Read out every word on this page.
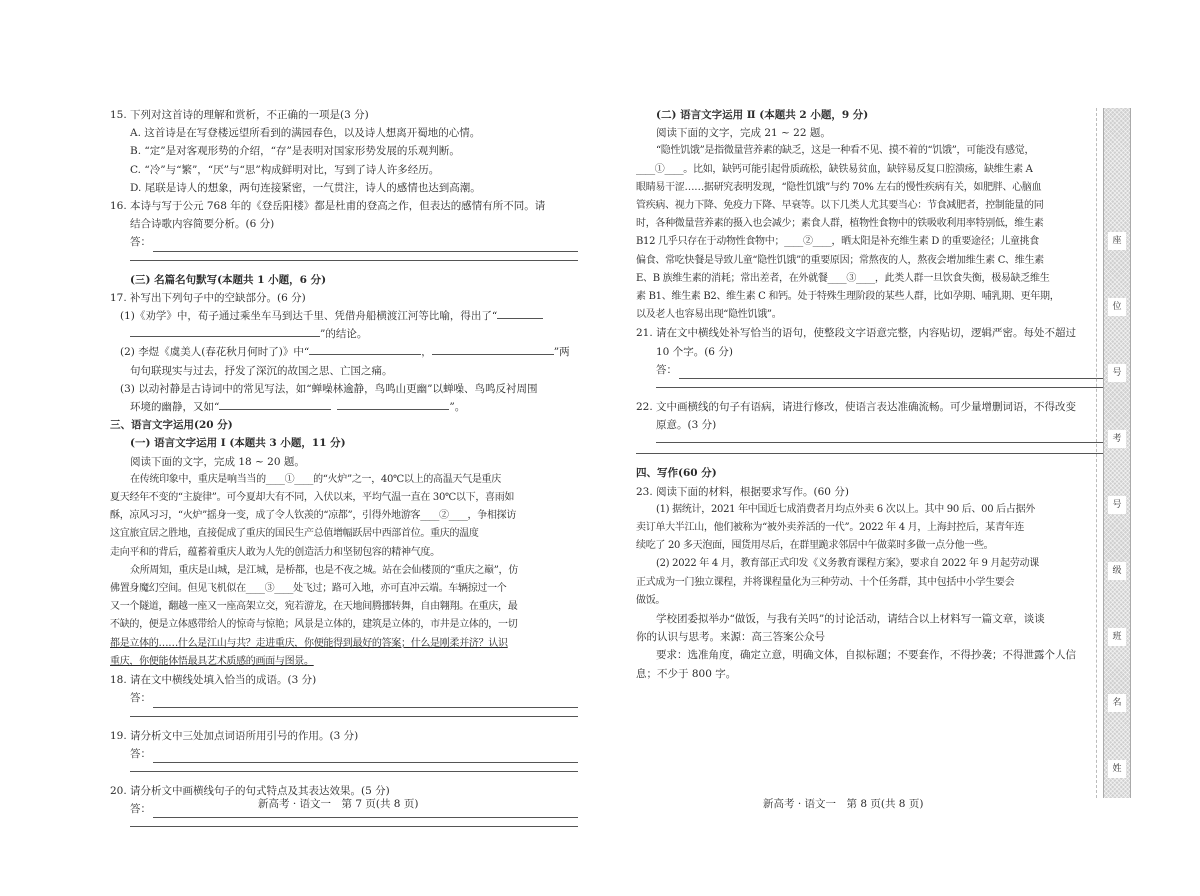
15. 下列对这首诗的理解和赏析，不正确的一项是(3 分)
A. 这首诗是在写登楼远望所看到的满园春色，以及诗人想离开蜀地的心情。
B. “定”是对客观形势的介绍，“存”是表明对国家形势发展的乐观判断。
C. “冷”与“繁”，“厌”与“思”构成鲜明对比，写到了诗人许多经历。
D. 尾联是诗人的想象，两句连接紧密，一气贯注，诗人的感情也达到高潮。
16. 本诗与写于公元 768 年的《登岳阳楼》都是杜甫的登高之作，但表达的感情有所不同。请
结合诗歌内容简要分析。(6 分)
答：
(三) 名篇名句默写(本题共 1 小题，6 分)
17. 补写出下列句子中的空缺部分。(6 分)
(1)《劝学》中，荀子通过乘坐车马到达千里、凭借舟船横渡江河等比喻，得出了“
”的结论。
(2) 李煜《虞美人(春花秋月何时了)》中“	，	”两
句句联现实与过去，抒发了深沉的故国之思、亡国之痛。
(3) 以动衬静是古诗词中的常见写法，如“蝉噪林逾静，鸟鸣山更幽”以蝉噪、鸟鸣反衬周围
环境的幽静，又如“	”。
三、语言文字运用(20 分)
(一) 语言文字运用 Ⅰ (本题共 3 小题，11 分)
阅读下面的文字，完成 18 ~ 20 题。
在传统印象中，重庆是响当当的____①____的“火炉”之一，40℃以上的高温天气是重庆
夏天经年不变的“主旋律”。可今夏却大有不同，入伏以来，平均气温一直在 30℃以下，喜雨如
酥，凉风习习，“火炉”摇身一变，成了令人钦羡的“凉都”，引得外地游客____②____，争相探访
这宜旅宜居之胜地，直接促成了重庆的国民生产总值增幅跃居中西部首位。重庆的温度
走向平和的背后，蕴蓄着重庆人敢为人先的创造活力和坚韧包容的精神气度。
众所周知，重庆是山城，是江城，是桥都，也是不夜之城。站在会仙楼顶的“重庆之巅”，仿
佛置身魔幻空间。但见飞机似在____③____处飞过；路可入地，亦可直冲云端。车辆掠过一个
又一个隧道，翻越一座又一座高架立交，宛若游龙，在天地间腾挪转舞，自由翱翔。在重庆，最
不缺的，便是立体感带给人的惊奇与惊艳；风景是立体的，建筑是立体的，市井是立体的，一切
都是立体的……什么是江山与共？走进重庆，你便能得到最好的答案；什么是刚柔并济？认识
重庆，你便能体悟最具艺术质感的画面与图景。
18. 请在文中横线处填入恰当的成语。(3 分)
答：
19. 请分析文中三处加点词语所用引号的作用。(3 分)
答：
20. 请分析文中画横线句子的句式特点及其表达效果。(5 分)
答：	新高考 · 语文一　第 7 页(共 8 页)
(二) 语言文字运用 Ⅱ (本题共 2 小题，9 分)
阅读下面的文字，完成 21 ~ 22 题。
“隐性饥饿”是指微量营养素的缺乏，这是一种看不见、摸不着的“饥饿”，可能没有感觉，
____①____。比如，缺钙可能引起骨质疏松，缺铁易贫血，缺锌易反复口腔溃疡，缺维生素 A
眼睛易干涩……据研究表明发现，“隐性饥饿”与约 70% 左右的慢性疾病有关，如肥胖、心脑血
管疾病、视力下降、免疫力下降、早衰等。以下几类人尤其要当心：节食减肥者，控制能量的同
时，各种微量营养素的摄入也会减少；素食人群，植物性食物中的铁吸收利用率特别低，维生素
B12 几乎只存在于动物性食物中；____②____，晒太阳是补充维生素 D 的重要途径；儿童挑食
偏食、常吃快餐是导致儿童“隐性饥饿”的重要原因；常熬夜的人，熬夜会增加维生素 C、维生素
E、B 族维生素的消耗；常出差者，在外就餐____③____，此类人群一旦饮食失衡，极易缺乏维生
素 B1、维生素 B2、维生素 C 和钙。处于特殊生理阶段的某些人群，比如孕期、哺乳期、更年期，
以及老人也容易出现“隐性饥饿”。
21. 请在文中横线处补写恰当的语句，使整段文字语意完整，内容贴切，逻辑严密。每处不超过
10 个字。(6 分)
答：
22. 文中画横线的句子有语病，请进行修改，使语言表达准确流畅。可少量增删词语，不得改变
原意。(3 分)
四、写作(60 分)
23. 阅读下面的材料，根据要求写作。(60 分)
(1) 据统计，2021 年中国近七成消费者月均点外卖 6 次以上。其中 90 后、00 后占据外
卖订单大半江山，他们被称为“被外卖养活的一代”。2022 年 4 月，上海封控后，某青年连
续吃了 20 多天泡面，囤货用尽后，在群里跪求邻居中午做菜时多做一点分他一些。
(2) 2022 年 4 月，教育部正式印发《义务教育课程方案》，要求自 2022 年 9 月起劳动课
正式成为一门独立课程，并将课程量化为三种劳动、十个任务群，其中包括中小学生要会
做饭。
学校团委拟举办“做饭，与我有关吗”的讨论活动，请结合以上材料写一篇文章，谈谈
你的认识与思考。来源：高三答案公众号
要求：选准角度，确定立意，明确文体，自拟标题；不要套作，不得抄袭；不得泄露个人信
息；不少于 800 字。
新高考 · 语文一　第 8 页(共 8 页)
座
位
号
考
号
级
班
名
姓
